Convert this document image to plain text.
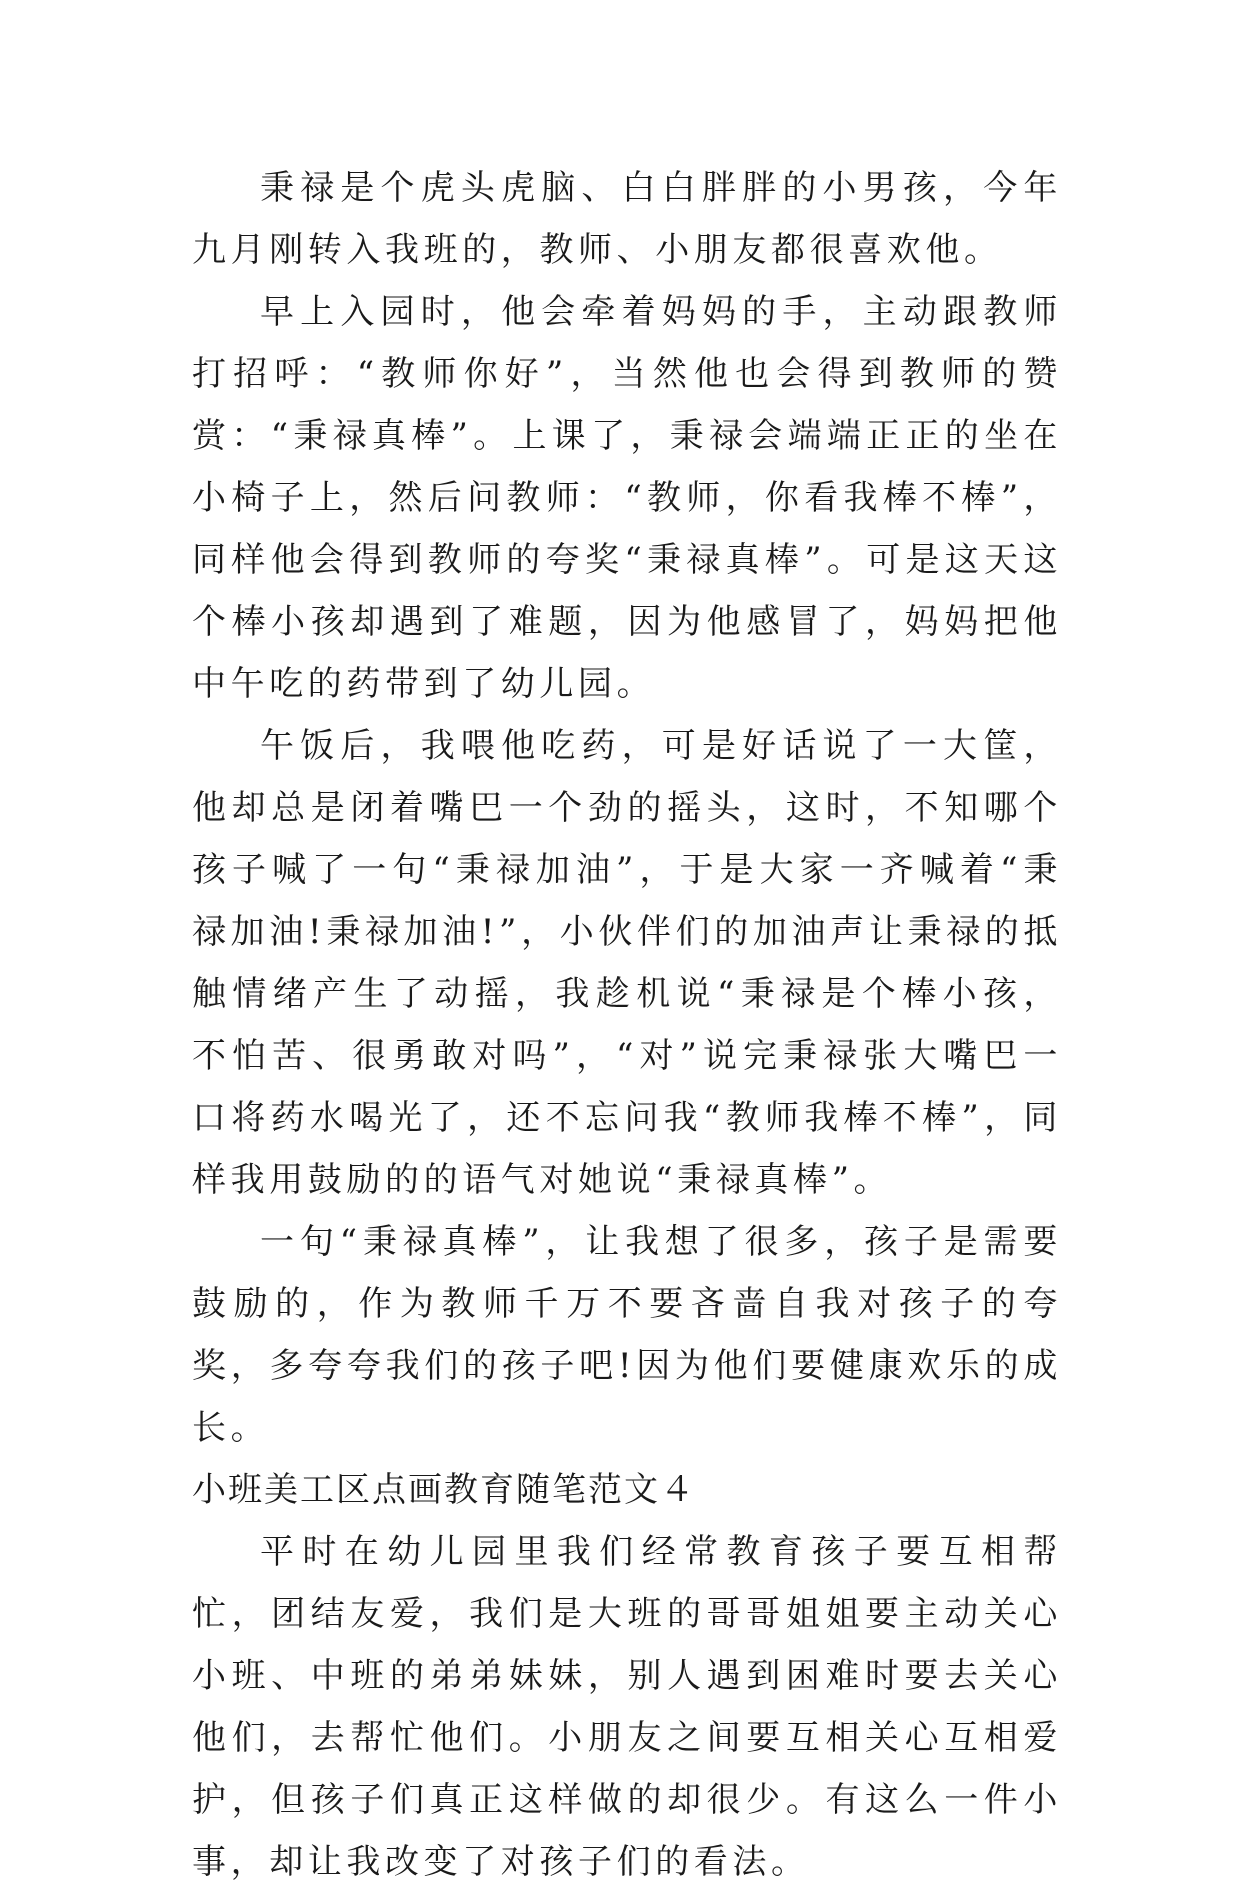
秉禄是个虎头虎脑、白白胖胖的小男孩，今年九月刚转入我班的，教师、小朋友都很喜欢他。

早上入园时，他会牵着妈妈的手，主动跟教师打招呼：“教师你好”，当然他也会得到教师的赞赏：“秉禄真棒”。上课了，秉禄会端端正正的坐在小椅子上，然后问教师：“教师，你看我棒不棒”，同样他会得到教师的夸奖“秉禄真棒”。可是这天这个棒小孩却遇到了难题，因为他感冒了，妈妈把他中午吃的药带到了幼儿园。

午饭后，我喂他吃药，可是好话说了一大筐，他却总是闭着嘴巴一个劲的摇头，这时，不知哪个孩子喊了一句“秉禄加油”，于是大家一齐喊着“秉禄加油!秉禄加油!”，小伙伴们的加油声让秉禄的抵触情绪产生了动摇，我趁机说“秉禄是个棒小孩，不怕苦、很勇敢对吗”，“对”说完秉禄张大嘴巴一口将药水喝光了，还不忘问我“教师我棒不棒”，同样我用鼓励的的语气对她说“秉禄真棒”。

一句“秉禄真棒”，让我想了很多，孩子是需要鼓励的，作为教师千万不要吝啬自我对孩子的夸奖，多夸夸我们的孩子吧!因为他们要健康欢乐的成长。

小班美工区点画教育随笔范文４

平时在幼儿园里我们经常教育孩子要互相帮忙，团结友爱，我们是大班的哥哥姐姐要主动关心小班、中班的弟弟妹妹，别人遇到困难时要去关心他们，去帮忙他们。小朋友之间要互相关心互相爱护，但孩子们真正这样做的却很少。有这么一件小事，却让我改变了对孩子们的看法。
